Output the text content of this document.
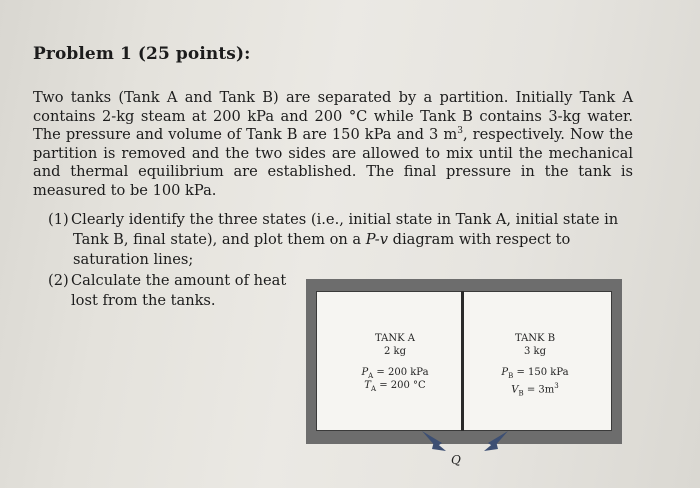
Problem 1 (25 points):

Two tanks (Tank A and Tank B) are separated by a partition. Initially Tank A contains 2-kg steam at 200 kPa and 200 °C while Tank B contains 3-kg water. The pressure and volume of Tank B are 150 kPa and 3 $m^3$, respectively. Now the partition is removed and the two sides are allowed to mix until the mechanical and thermal equilibrium are established. The final pressure in the tank is measured to be 100 kPa.

(1) Clearly identify the three states (i.e., initial state in Tank A, initial state in
Tank B, final state), and plot them on a P-v diagram with respect to
saturation lines;
(2) Calculate the amount of heat
lost from the tanks.
TANK A
2 kg
$P_A = 200$ kPa
$T_A = 200$ °C
TANK B
3 kg
$P_B = 150$ kPa
$V_B = 3m^3$
Q
